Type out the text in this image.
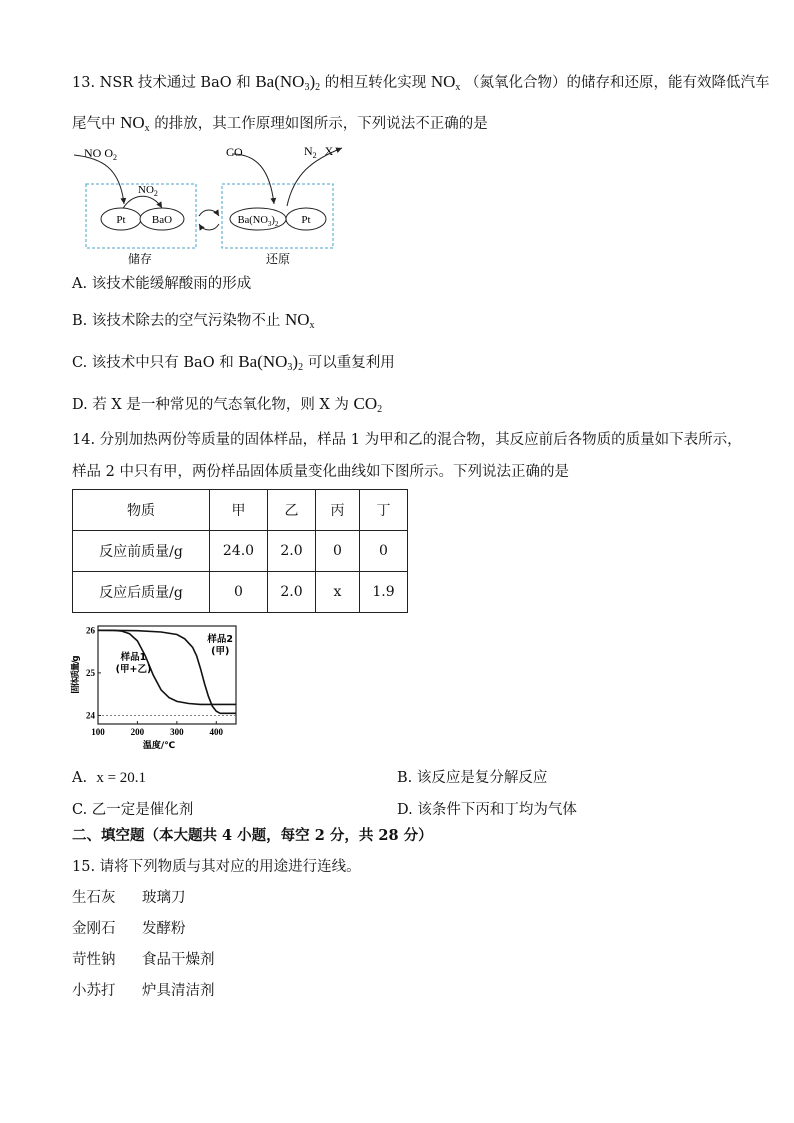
13. NSR 技术通过 BaO 和 $Ba(NO_3)_2$ 的相互转化实现 $NO_x$ （氮氧化合物）的储存和还原，能有效降低汽车
尾气中 $NO_x$ 的排放，其工作原理如图所示，下列说法不正确的是
NO $O_2$	CO	$N_2$ X
$NO_2$
Pt BaO	$Ba(NO_3)_2$ Pt
储存	还原
A. 该技术能缓解酸雨的形成
B. 该技术除去的空气污染物不止 $NO_x$
C. 该技术中只有 BaO 和 $Ba(NO_3)_2$ 可以重复利用
D. 若 X 是一种常见的气态氧化物，则 X 为 $CO_2$
14. 分别加热两份等质量的固体样品，样品 1 为甲和乙的混合物，其反应前后各物质的质量如下表所示，
样品 2 中只有甲，两份样品固体质量变化曲线如下图所示。下列说法正确的是
物质	甲	乙	丙	丁
反应前质量/g	24.0	2.0	0	0
反应后质量/g	0	2.0	x	1.9
100	200	300	400
24
25
26
温度/℃
固体质量/g	样品1
(甲+乙)
样品2
(甲)
A. x = 20.1	B. 该反应是复分解反应
C. 乙一定是催化剂	D. 该条件下丙和丁均为气体
二、填空题（本大题共 4 小题，每空 2 分，共 28 分）
15. 请将下列物质与其对应的用途进行连线。
生石灰 玻璃刀
金刚石 发酵粉
苛性钠 食品干燥剂
小苏打 炉具清洁剂
